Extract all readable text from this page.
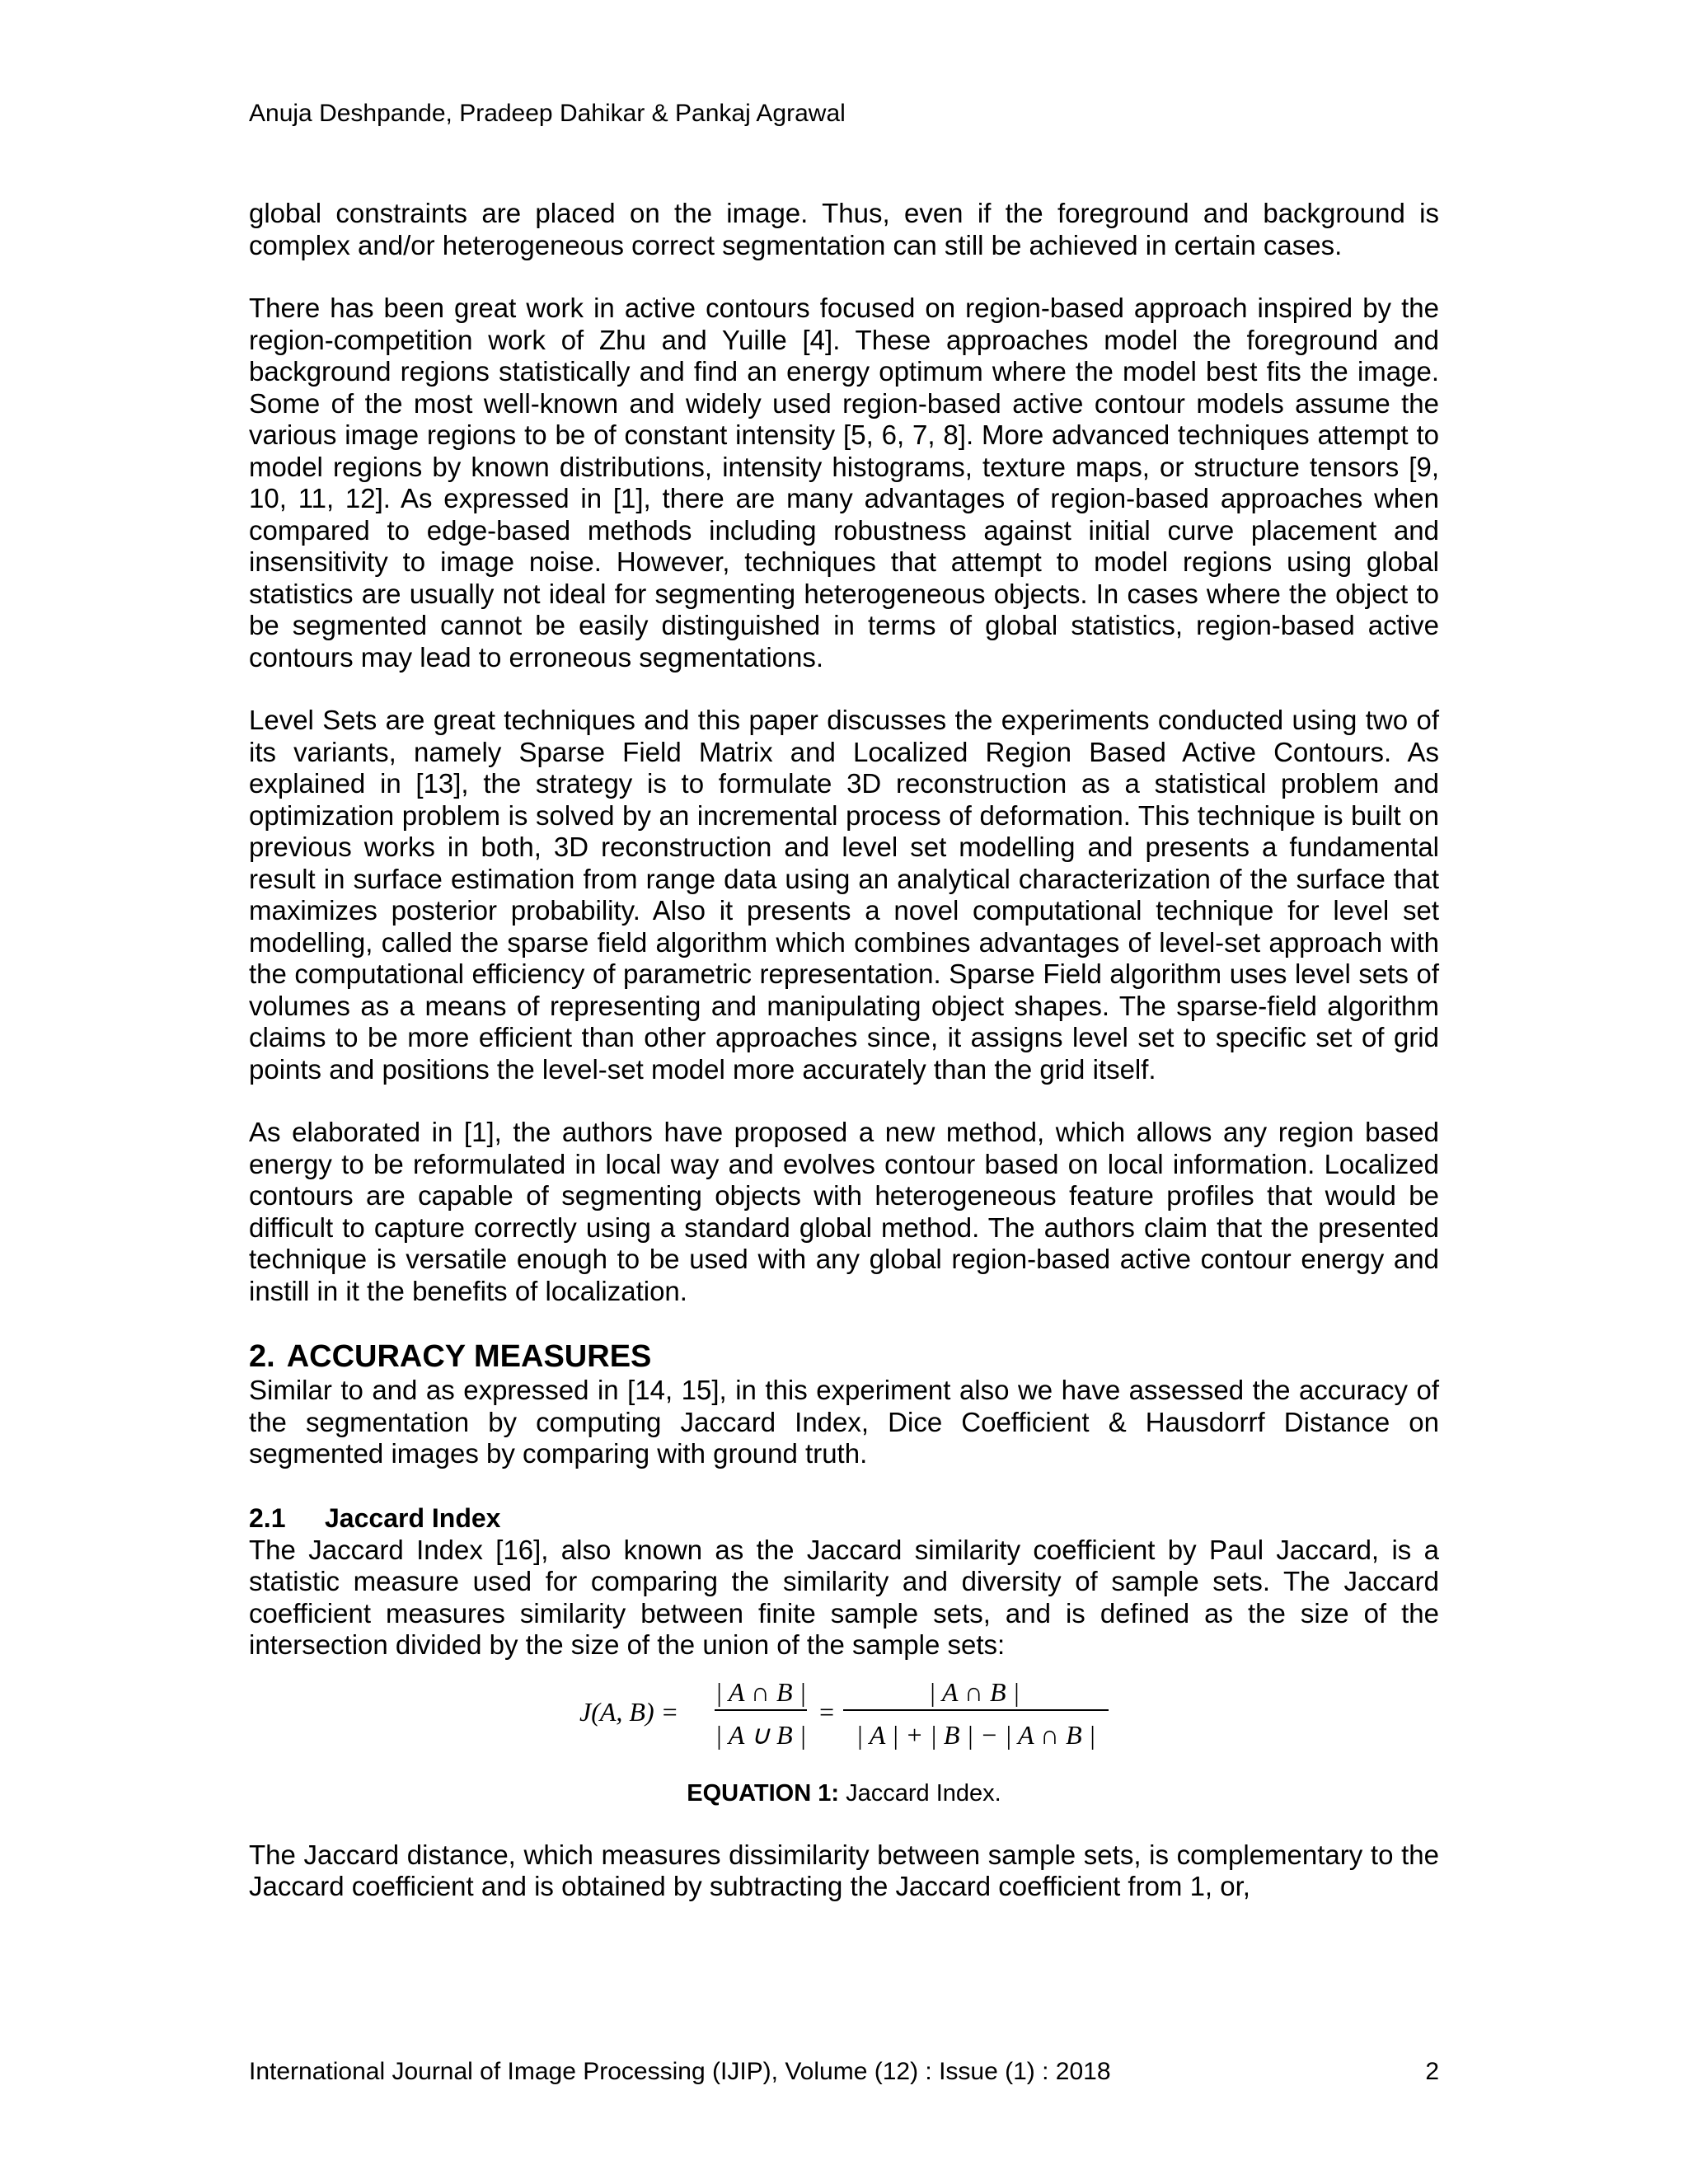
Anuja Deshpande, Pradeep Dahikar & Pankaj Agrawal

global constraints are placed on the image. Thus, even if the foreground and background is complex and/or heterogeneous correct segmentation can still be achieved in certain cases.

There has been great work in active contours focused on region-based approach inspired by the region-competition work of Zhu and Yuille [4]. These approaches model the foreground and background regions statistically and find an energy optimum where the model best fits the image. Some of the most well-known and widely used region-based active contour models assume the various image regions to be of constant intensity [5, 6, 7, 8]. More advanced techniques attempt to model regions by known distributions, intensity histograms, texture maps, or structure tensors [9, 10, 11, 12]. As expressed in [1], there are many advantages of region-based approaches when compared to edge-based methods including robustness against initial curve placement and insensitivity to image noise. However, techniques that attempt to model regions using global statistics are usually not ideal for segmenting heterogeneous objects. In cases where the object to be segmented cannot be easily distinguished in terms of global statistics, region-based active contours may lead to erroneous segmentations.

Level Sets are great techniques and this paper discusses the experiments conducted using two of its variants, namely Sparse Field Matrix and Localized Region Based Active Contours. As explained in [13], the strategy is to formulate 3D reconstruction as a statistical problem and optimization problem is solved by an incremental process of deformation. This technique is built on previous works in both, 3D reconstruction and level set modelling and presents a fundamental result in surface estimation from range data using an analytical characterization of the surface that maximizes posterior probability. Also it presents a novel computational technique for level set modelling, called the sparse field algorithm which combines advantages of level-set approach with the computational efficiency of parametric representation. Sparse Field algorithm uses level sets of volumes as a means of representing and manipulating object shapes. The sparse-field algorithm claims to be more efficient than other approaches since, it assigns level set to specific set of grid points and positions the level-set model more accurately than the grid itself.

As elaborated in [1], the authors have proposed a new method, which allows any region based energy to be reformulated in local way and evolves contour based on local information. Localized contours are capable of segmenting objects with heterogeneous feature profiles that would be difficult to capture correctly using a standard global method. The authors claim that the presented technique is versatile enough to be used with any global region-based active contour energy and instill in it the benefits of localization.

2. ACCURACY MEASURES

Similar to and as expressed in [14, 15], in this experiment also we have assessed the accuracy of the segmentation by computing Jaccard Index, Dice Coefficient & Hausdorrf Distance on segmented images by comparing with ground truth.

2.1 Jaccard Index

The Jaccard Index [16], also known as the Jaccard similarity coefficient by Paul Jaccard, is a statistic measure used for comparing the similarity and diversity of sample sets. The Jaccard coefficient measures similarity between finite sample sets, and is defined as the size of the intersection divided by the size of the union of the sample sets:

J(A, B) =
| A ∩ B |
| A ∪ B |
=
| A ∩ B |
| A | + | B | − | A ∩ B |
EQUATION 1: Jaccard Index.

The Jaccard distance, which measures dissimilarity between sample sets, is complementary to the Jaccard coefficient and is obtained by subtracting the Jaccard coefficient from 1, or,

International Journal of Image Processing (IJIP), Volume (12) : Issue (1) : 2018	2
